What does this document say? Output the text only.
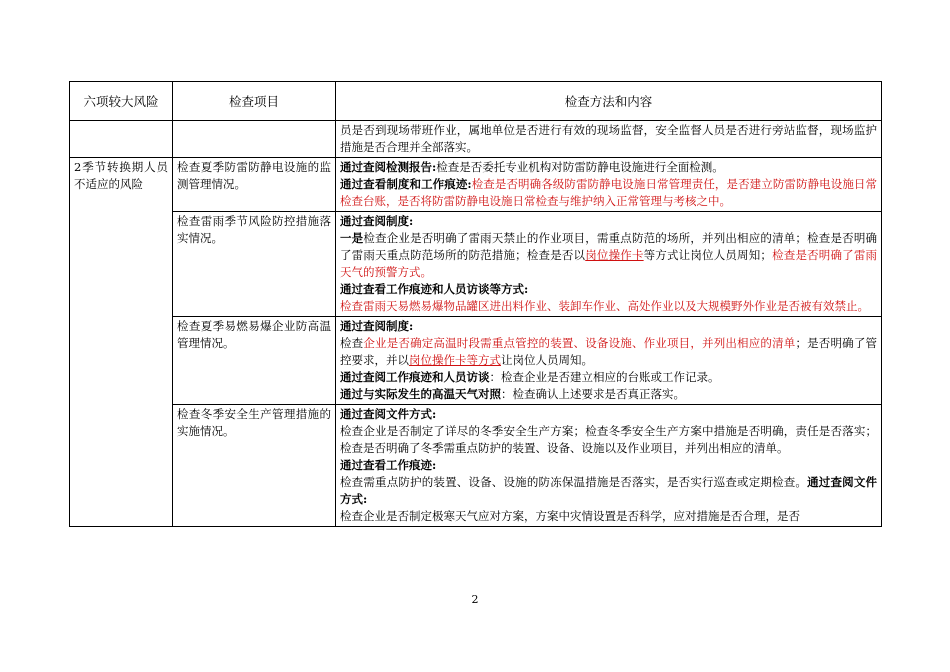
六项较大风险	检查项目	检查方法和内容

		员是否到现场带班作业，属地单位是否进行有效的现场监督，安全监督人员是否进行旁站监督，现场监护措施是否合理并全部落实。

2季节转换期人员不适应的风险	检查夏季防雷防静电设施的监测管理情况。	通过查阅检测报告:检查是否委托专业机构对防雷防静电设施进行全面检测。

通过查看制度和工作痕迹:检查是否明确各级防雷防静电设施日常管理责任，是否建立防雷防静电设施日常检查台账，是否将防雷防静电设施日常检查与维护纳入正常管理与考核之中。

	检查雷雨季节风险防控措施落实情况。	通过查阅制度:

一是检查企业是否明确了雷雨天禁止的作业项目，需重点防范的场所，并列出相应的清单；检查是否明确了雷雨天重点防范场所的防范措施；检查是否以岗位操作卡等方式让岗位人员周知；检查是否明确了雷雨天气的预警方式。

通过查看工作痕迹和人员访谈等方式:

检查雷雨天易燃易爆物品罐区进出料作业、装卸车作业、高处作业以及大规模野外作业是否被有效禁止。

	检查夏季易燃易爆企业防高温管理情况。	通过查阅制度:

检查企业是否确定高温时段需重点管控的装置、设备设施、作业项目，并列出相应的清单；是否明确了管控要求，并以岗位操作卡等方式让岗位人员周知。

通过查阅工作痕迹和人员访谈：检查企业是否建立相应的台账或工作记录。

通过与实际发生的高温天气对照：检查确认上述要求是否真正落实。

	检查冬季安全生产管理措施的实施情况。	通过查阅文件方式:

检查企业是否制定了详尽的冬季安全生产方案；检查冬季安全生产方案中措施是否明确，责任是否落实；检查是否明确了冬季需重点防护的装置、设备、设施以及作业项目，并列出相应的清单。

通过查看工作痕迹:

检查需重点防护的装置、设备、设施的防冻保温措施是否落实，是否实行巡查或定期检查。通过查阅文件方式:

检查企业是否制定极寒天气应对方案，方案中灾情设置是否科学，应对措施是否合理，是否

2
